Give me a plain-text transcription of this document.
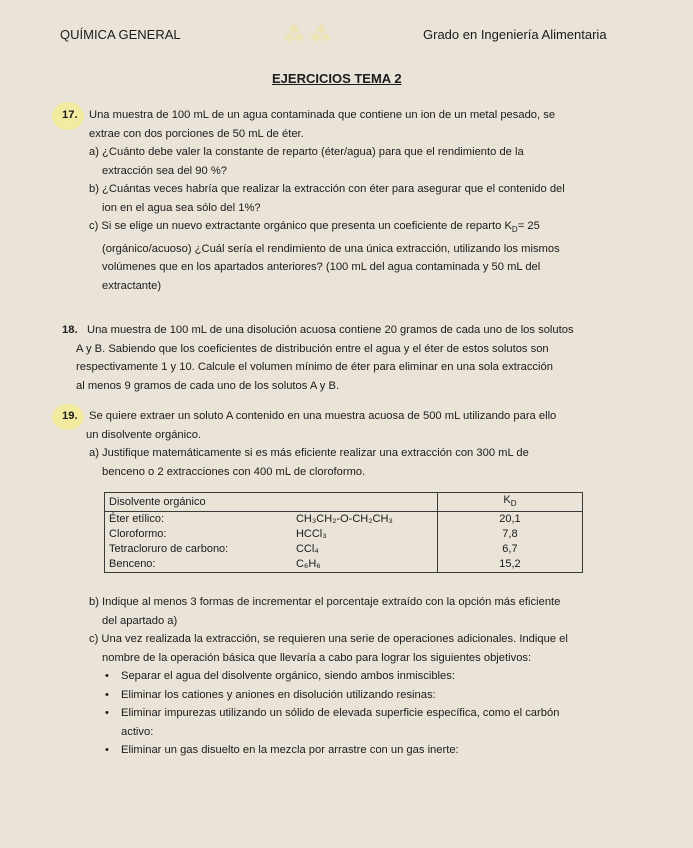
QUÍMICA GENERAL	⁂⁂	Grado en Ingeniería Alimentaria
EJERCICIOS TEMA 2
17. Una muestra de 100 mL de un agua contaminada que contiene un ion de un metal pesado, se
extrae con dos porciones de 50 mL de éter.
a) ¿Cuánto debe valer la constante de reparto (éter/agua) para que el rendimiento de la
extracción sea del 90 %?
b) ¿Cuántas veces habría que realizar la extracción con éter para asegurar que el contenido del
ion en el agua sea sólo del 1%?
c) Si se elige un nuevo extractante orgánico que presenta un coeficiente de reparto $K_D= 25$
(orgánico/acuoso) ¿Cuál sería el rendimiento de una única extracción, utilizando los mismos
volúmenes que en los apartados anteriores? (100 mL del agua contaminada y 50 mL del
extractante)
18. Una muestra de 100 mL de una disolución acuosa contiene 20 gramos de cada uno de los solutos
A y B. Sabiendo que los coeficientes de distribución entre el agua y el éter de estos solutos son
respectivamente 1 y 10. Calcule el volumen mínimo de éter para eliminar en una sola extracción
al menos 9 gramos de cada uno de los solutos A y B.
19. Se quiere extraer un soluto A contenido en una muestra acuosa de 500 mL utilizando para ello
un disolvente orgánico.
a) Justifique matemáticamente si es más eficiente realizar una extracción con 300 mL de
benceno o 2 extracciones con 400 mL de cloroformo.
Disolvente orgánico		$K_D$
Éter etílico:	CH₃CH₂-O-CH₂CH₃	20,1
Cloroformo:	HCCl₃	7,8
Tetracloruro de carbono:	CCl₄	6,7
Benceno:	C₆H₆	15,2
b) Indique al menos 3 formas de incrementar el porcentaje extraído con la opción más eficiente
del apartado a)
c) Una vez realizada la extracción, se requieren una serie de operaciones adicionales. Indique el
nombre de la operación básica que llevaría a cabo para lograr los siguientes objetivos:
• Separar el agua del disolvente orgánico, siendo ambos inmiscibles:
• Eliminar los cationes y aniones en disolución utilizando resinas:
• Eliminar impurezas utilizando un sólido de elevada superficie específica, como el carbón
activo:
• Eliminar un gas disuelto en la mezcla por arrastre con un gas inerte:
